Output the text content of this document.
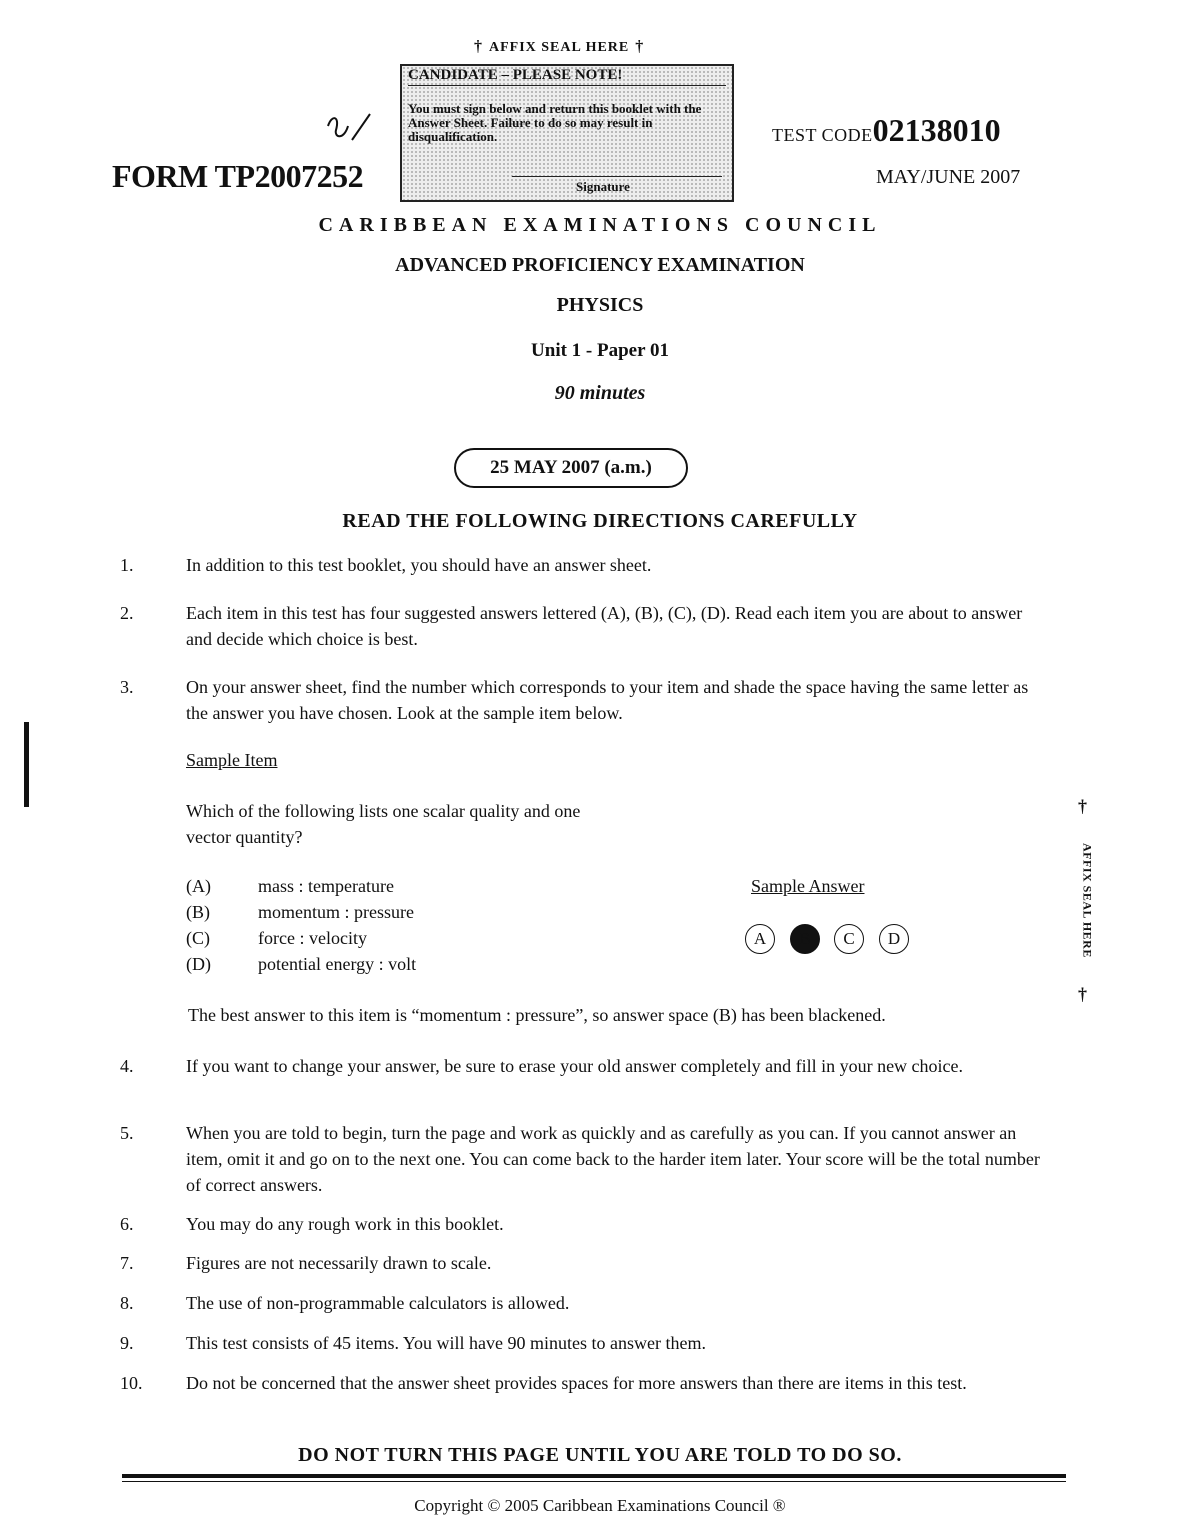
† AFFIX SEAL HERE †
CANDIDATE – PLEASE NOTE!
You must sign below and return this booklet with the Answer Sheet. Failure to do so may result in disqualification.
Signature
FORM TP2007252
TEST CODE02138010
MAY/JUNE 2007
CARIBBEAN EXAMINATIONS COUNCIL
ADVANCED PROFICIENCY EXAMINATION
PHYSICS
Unit 1 - Paper 01
90 minutes
25 MAY 2007 (a.m.)
READ THE FOLLOWING DIRECTIONS CAREFULLY
1.	In addition to this test booklet, you should have an answer sheet.
2.	Each item in this test has four suggested answers lettered (A), (B), (C), (D). Read each item you are about to answer and decide which choice is best.
3.	On your answer sheet, find the number which corresponds to your item and shade the space having the same letter as the answer you have chosen. Look at the sample item below.
Sample Item
Which of the following lists one scalar quality and one vector quantity?
(A)	mass : temperature
(B)	momentum : pressure
(C)	force : velocity
(D)	potential energy : volt
Sample Answer
A	B	C	D
The best answer to this item is “momentum : pressure”, so answer space (B) has been blackened.
4.	If you want to change your answer, be sure to erase your old answer completely and fill in your new choice.
5.	When you are told to begin, turn the page and work as quickly and as carefully as you can. If you cannot answer an item, omit it and go on to the next one. You can come back to the harder item later. Your score will be the total number of correct answers.
6.	You may do any rough work in this booklet.
7.	Figures are not necessarily drawn to scale.
8.	The use of non-programmable calculators is allowed.
9.	This test consists of 45 items. You will have 90 minutes to answer them.
10. Do not be concerned that the answer sheet provides spaces for more answers than there are items in this test.
†
AFFIX SEAL HERE
†
DO NOT TURN THIS PAGE UNTIL YOU ARE TOLD TO DO SO.
Copyright © 2005 Caribbean Examinations Council ®
